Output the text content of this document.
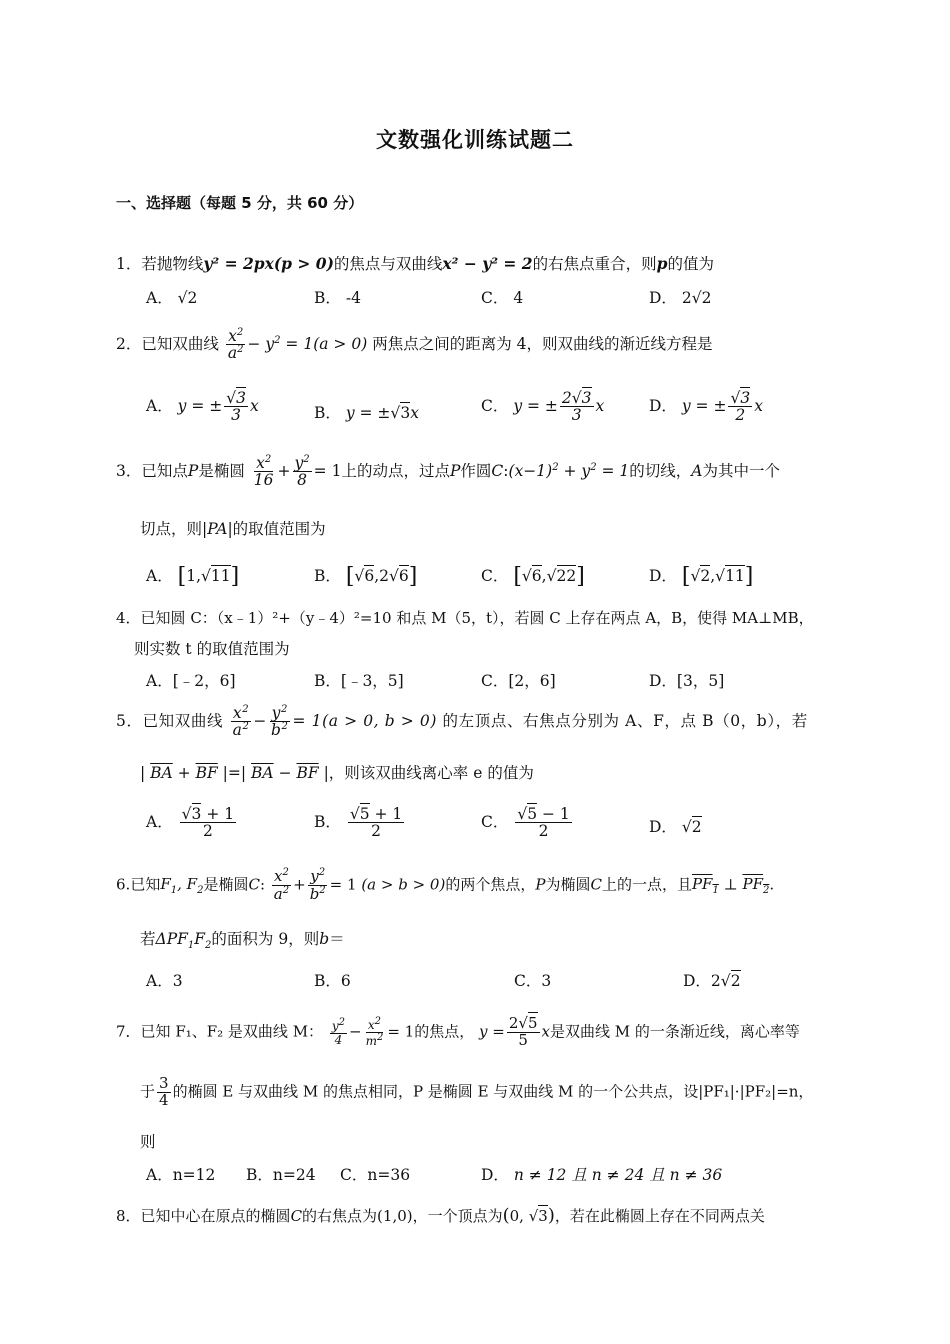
文数强化训练试题二
一、选择题（每题 5 分，共 60 分）
1．若抛物线y² = 2px(p > 0)的焦点与双曲线x² − y² = 2的右焦点重合，则p的值为
A． √2	B． -4	C． 4	D． 2√2
2．已知双曲线 $\frac{x^2}{a^2} - y^2 = 1(a > 0)$ 两焦点之间的距离为 4，则双曲线的渐近线方程是
A． y = ± $\frac{√3}{3}$ x	B． y = ±√3x	C． y = ± $\frac{2√3}{3}$ x	D． y = ± $\frac{√3}{2}$ x
3．已知点P是椭圆 $\frac{x^2}{16} + \frac{y^2}{8} = 1$上的动点，过点P作圆$C:(x-1)^2 + y^2 = 1$的切线，A为其中一个
切点，则|PA|的取值范围为
A． [1,√11]	B． [√6,2√6]	C． [√6,√22]	D． [√2,√11]
4．已知圆 C：（x﹣1）²+（y﹣4）²=10 和点 M（5，t），若圆 C 上存在两点 A，B，使得 MA⊥MB，
则实数 t 的取值范围为
A．[﹣2，6]	B．[﹣3，5]	C．[2，6]	D．[3，5]
5．已知双曲线 $\frac{x^2}{a^2} - \frac{y^2}{b^2} = 1(a > 0$, b > 0) 的左顶点、右焦点分别为 A、F，点 B（0，b），若
| $\overline{BA} + \overline{BF}$ |=| $\overline{BA} - \overline{BF}$ |，则该双曲线离心率 e 的值为
A． $\frac{√3 + 1}{2}$	B． $\frac{√5 + 1}{2}$	C． $\frac{√5 - 1}{2}$	D． √2
6.已知$F_1$, $F_2$是椭圆C: $\frac{x^2}{a^2} + \frac{y^2}{b^2} = 1$ (a > b > 0)的两个焦点，P为椭圆C上的一点，且$PF_1$ ⊥ $PF_2$.
若$\Delta PF_1F_2$的面积为 9，则b＝
A．3	B．6	C．3	D．2√2
7．已知 F₁、F₂ 是双曲线 M： $\frac{y^2}{4} - \frac{x^2}{m^2} = 1$的焦点， $y = \frac{2√5}{5}$ x是双曲线 M 的一条渐近线，离心率等
于 $\frac{3}{4}$ 的椭圆 E 与双曲线 M 的焦点相同，P 是椭圆 E 与双曲线 M 的一个公共点，设|PF₁|·|PF₂|=n，
则
A．n=12 B．n=24 C．n=36	D． n ≠ 12 且 n ≠ 24 且 n ≠ 36
8．已知中心在原点的椭圆C的右焦点为(1,0)，一个顶点为(0, √3)，若在此椭圆上存在不同两点关
